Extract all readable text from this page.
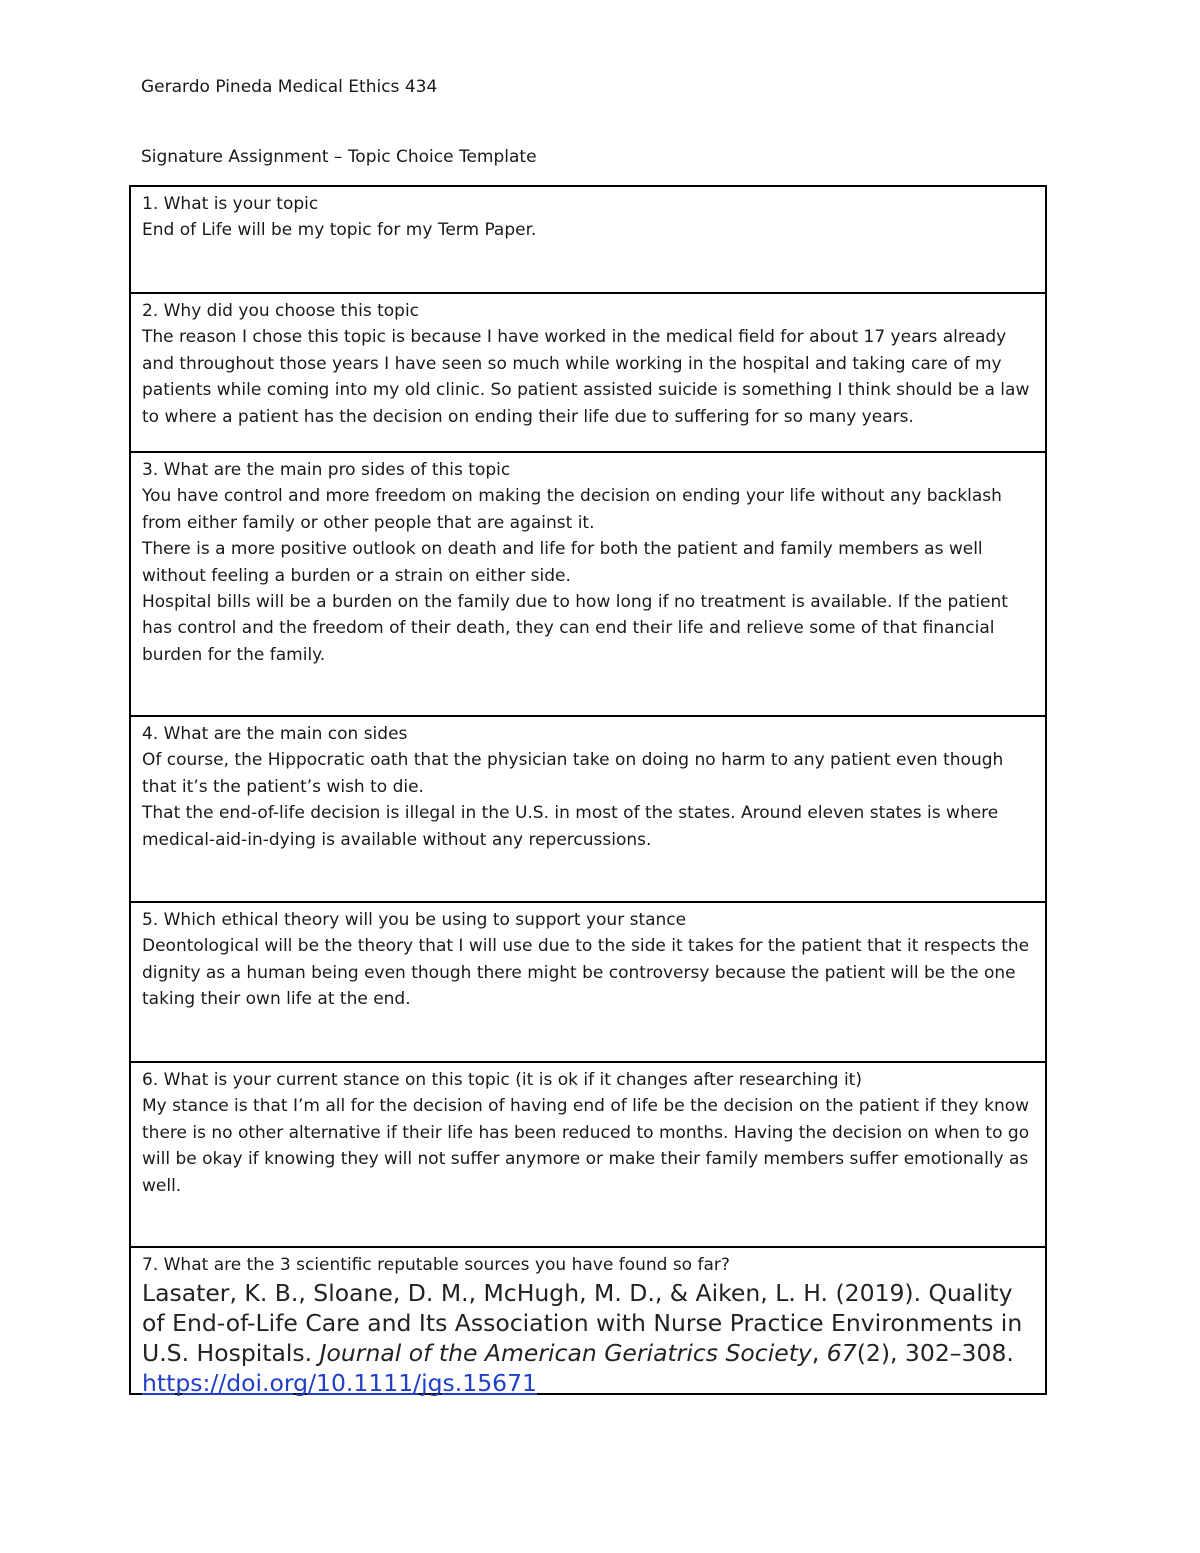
Gerardo Pineda Medical Ethics 434
Signature Assignment – Topic Choice Template

1. What is your topic

End of Life will be my topic for my Term Paper.

2. Why did you choose this topic

The reason I chose this topic is because I have worked in the medical field for about 17 years already and throughout those years I have seen so much while working in the hospital and taking care of my patients while coming into my old clinic. So patient assisted suicide is something I think should be a law to where a patient has the decision on ending their life due to suffering for so many years.

3. What are the main pro sides of this topic

You have control and more freedom on making the decision on ending your life without any backlash from either family or other people that are against it.

There is a more positive outlook on death and life for both the patient and family members as well without feeling a burden or a strain on either side.

Hospital bills will be a burden on the family due to how long if no treatment is available. If the patient has control and the freedom of their death, they can end their life and relieve some of that financial burden for the family.

4. What are the main con sides

Of course, the Hippocratic oath that the physician take on doing no harm to any patient even though that it’s the patient’s wish to die.

That the end-of-life decision is illegal in the U.S. in most of the states. Around eleven states is where medical-aid-in-dying is available without any repercussions.

5. Which ethical theory will you be using to support your stance

Deontological will be the theory that I will use due to the side it takes for the patient that it respects the dignity as a human being even though there might be controversy because the patient will be the one taking their own life at the end.

6. What is your current stance on this topic (it is ok if it changes after researching it)

My stance is that I’m all for the decision of having end of life be the decision on the patient if they know there is no other alternative if their life has been reduced to months. Having the decision on when to go will be okay if knowing they will not suffer anymore or make their family members suffer emotionally as well.

7. What are the 3 scientific reputable sources you have found so far?

Lasater, K. B., Sloane, D. M., McHugh, M. D., & Aiken, L. H. (2019). Quality of End-of-Life Care and Its Association with Nurse Practice Environments in U.S. Hospitals. Journal of the American Geriatrics Society, 67(2), 302–308. https://doi.org/10.1111/jgs.15671
